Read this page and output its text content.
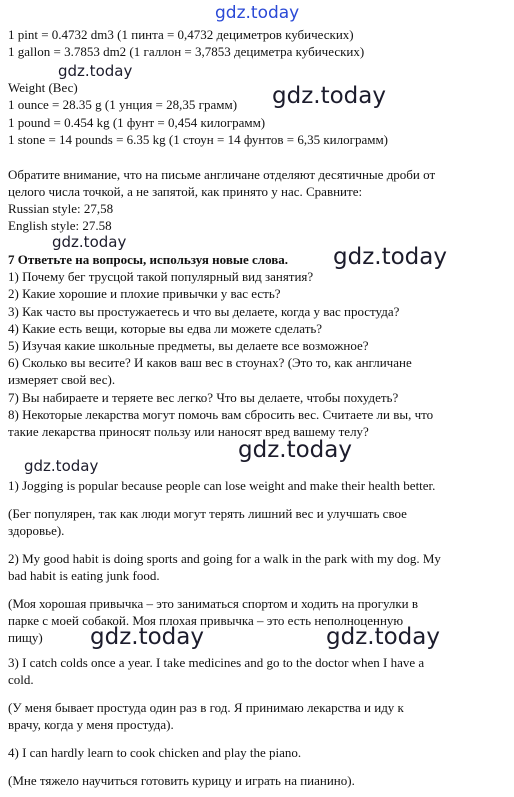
gdz.today
gdz.today
gdz.today
gdz.today
gdz.today
gdz.today
gdz.today
gdz.today	gdz.today
1 pint = 0.4732 dm3 (1 пинта = 0,4732 дециметров кубических)
1 gallon = 3.7853 dm2 (1 галлон = 3,7853 дециметра кубических)
Weight (Вес)
1 ounce = 28.35 g (1 унция = 28,35 грамм)
1 pound = 0.454 kg (1 фунт = 0,454 килограмм)
1 stone = 14 pounds = 6.35 kg (1 стоун = 14 фунтов = 6,35 килограмм)
Обратите внимание, что на письме англичане отделяют десятичные дроби от
целого числа точкой, а не запятой, как принято у нас. Сравните:
Russian style: 27,58
English style: 27.58
7 Ответьте на вопросы, используя новые слова.
1) Почему бег трусцой такой популярный вид занятия?
2) Какие хорошие и плохие привычки у вас есть?
3) Как часто вы простужаетесь и что вы делаете, когда у вас простуда?
4) Какие есть вещи, которые вы едва ли можете сделать?
5) Изучая какие школьные предметы, вы делаете все возможное?
6) Сколько вы весите? И каков ваш вес в стоунах? (Это то, как англичане
измеряет свой вес).
7) Вы набираете и теряете вес легко? Что вы делаете, чтобы похудеть?
8) Некоторые лекарства могут помочь вам сбросить вес. Считаете ли вы, что
такие лекарства приносят пользу или наносят вред вашему телу?
1) Jogging is popular because people can lose weight and make their health better.
(Бег популярен, так как люди могут терять лишний вес и улучшать свое
здоровье).
2) My good habit is doing sports and going for a walk in the park with my dog. My
bad habit is eating junk food.
(Моя хорошая привычка – это заниматься спортом и ходить на прогулки в
парке с моей собакой. Моя плохая привычка – это есть неполноценную
пищу)
3) I catch colds once a year. I take medicines and go to the doctor when I have a
cold.
(У меня бывает простуда один раз в год. Я принимаю лекарства и иду к
врачу, когда у меня простуда).
4) I can hardly learn to cook chicken and play the piano.
(Мне тяжело научиться готовить курицу и играть на пианино).
